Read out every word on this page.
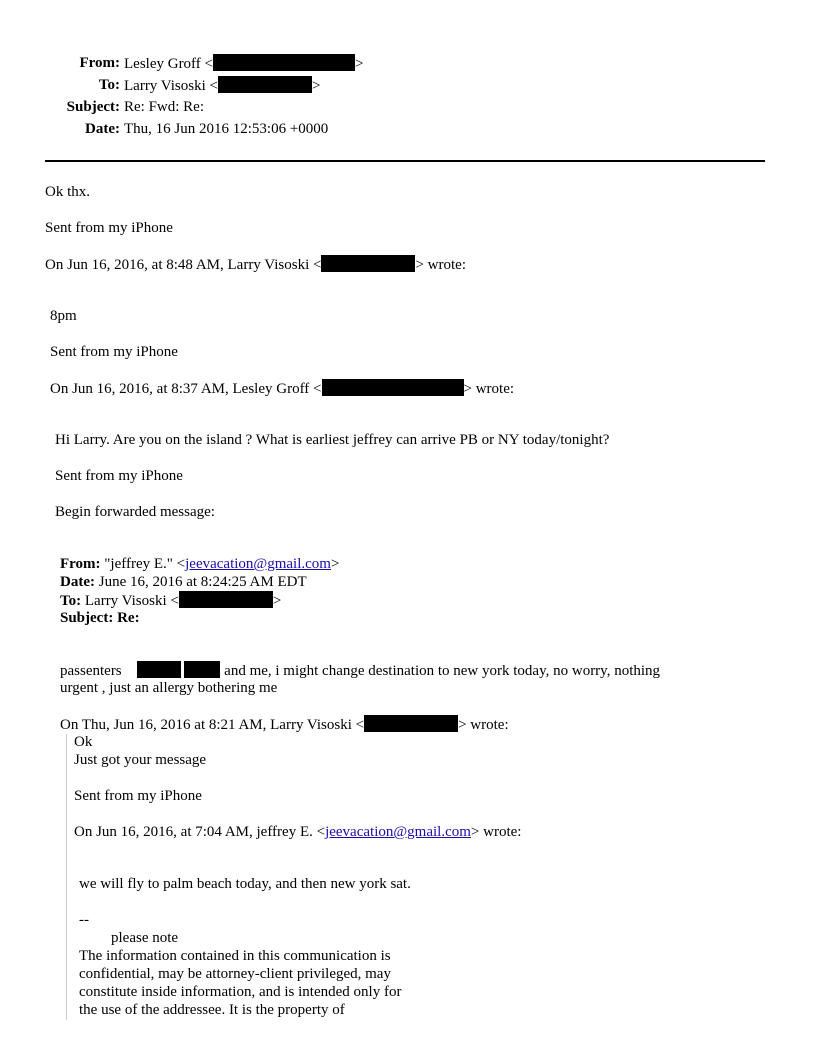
From: Lesley Groff <	>
To: Larry Visoski <	>
Subject: Re: Fwd: Re:
Date: Thu, 16 Jun 2016 12:53:06 +0000
Ok thx.
Sent from my iPhone
On Jun 16, 2016, at 8:48 AM, Larry Visoski <	> wrote:
8pm
Sent from my iPhone
On Jun 16, 2016, at 8:37 AM, Lesley Groff <	> wrote:
Hi Larry. Are you on the island ? What is earliest jeffrey can arrive PB or NY today/tonight?
Sent from my iPhone
Begin forwarded message:
From: "jeffrey E." <jeevacation@gmail.com>
Date: June 16, 2016 at 8:24:25 AM EDT
To: Larry Visoski <	>
Subject: Re:
passenters	and me, i might change destination to new york today, no worry, nothing
urgent , just an allergy bothering me
On Thu, Jun 16, 2016 at 8:21 AM, Larry Visoski <	> wrote:
Ok
Just got your message
Sent from my iPhone
On Jun 16, 2016, at 7:04 AM, jeffrey E. <jeevacation@gmail.com> wrote:
we will fly to palm beach today, and then new york sat.
--
please note
The information contained in this communication is
confidential, may be attorney-client privileged, may
constitute inside information, and is intended only for
the use of the addressee. It is the property of
